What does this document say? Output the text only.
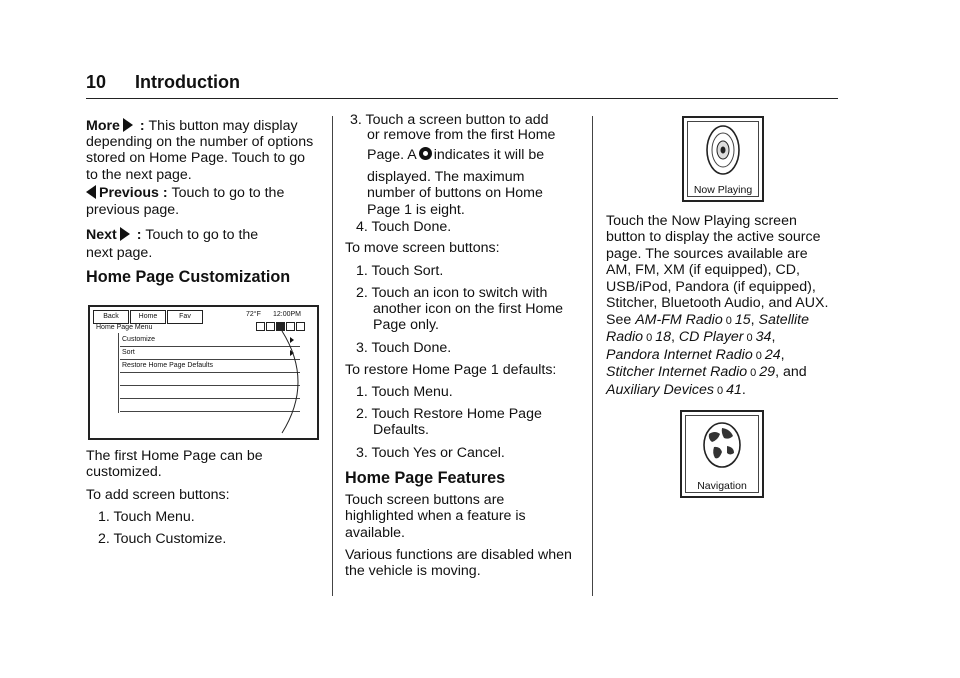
10 Introduction
More : This button may display
depending on the number of options
stored on Home Page. Touch to go
to the next page.
Previous : Touch to go to the
previous page.
Next : Touch to go to the
next page.
Home Page Customization
Back	Home	Fav	72°F 12:00PM
Home Page Menu
Customize
Sort
Restore Home Page Defaults
The first Home Page can be
customized.
To add screen buttons:
1. Touch Menu.
2. Touch Customize.
3. Touch a screen button to add
or remove from the first Home
Page. A indicates it will be
displayed. The maximum
number of buttons on Home
Page 1 is eight.
4. Touch Done.
To move screen buttons:
1. Touch Sort.
2. Touch an icon to switch with
another icon on the first Home
Page only.
3. Touch Done.
To restore Home Page 1 defaults:
1. Touch Menu.
2. Touch Restore Home Page
Defaults.
3. Touch Yes or Cancel.
Home Page Features
Touch screen buttons are
highlighted when a feature is
available.
Various functions are disabled when
the vehicle is moving.
Now Playing
Touch the Now Playing screen
button to display the active source
page. The sources available are
AM, FM, XM (if equipped), CD,
USB/iPod, Pandora (if equipped),
Stitcher, Bluetooth Audio, and AUX.
See AM-FM Radio 0 15, Satellite
Radio 0 18, CD Player 0 34,
Pandora Internet Radio 0 24,
Stitcher Internet Radio 0 29, and
Auxiliary Devices 0 41.
Navigation
